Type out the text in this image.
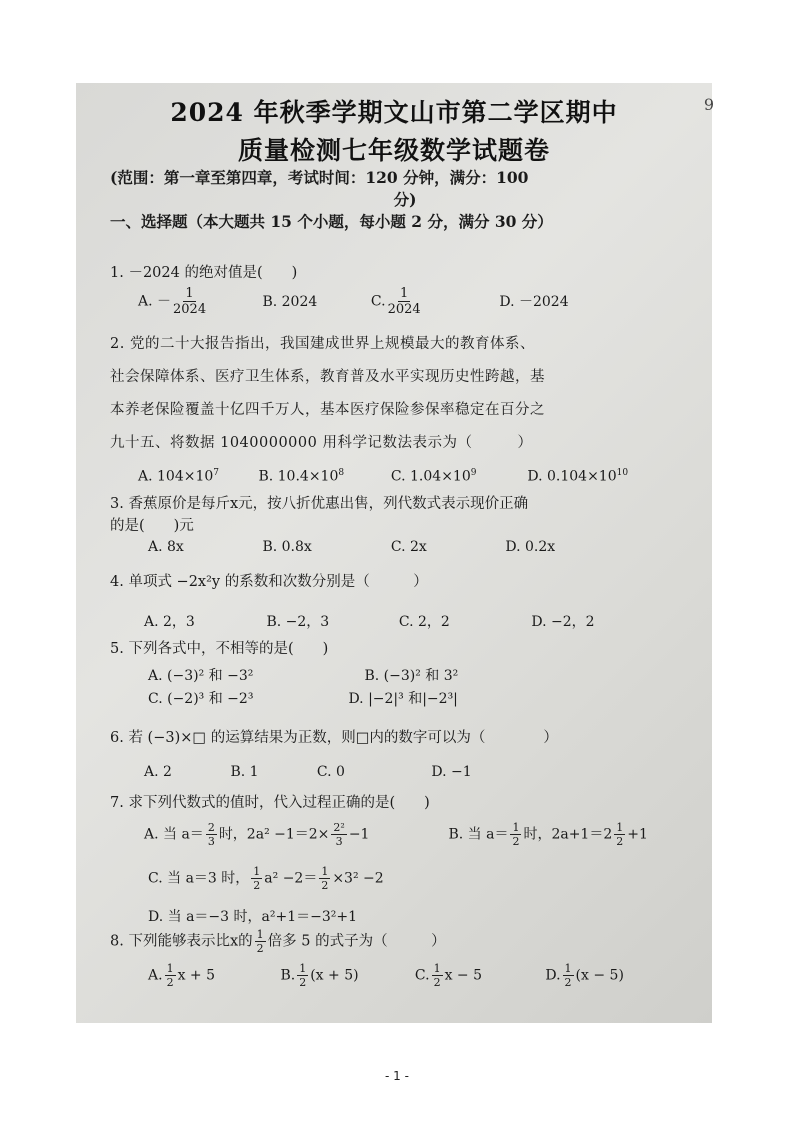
9
2024 年秋季学期文山市第二学区期中
质量检测七年级数学试题卷
(范围：第一章至第四章，考试时间：120 分钟，满分：100
分)
一、选择题（本大题共 15 个小题，每小题 2 分，满分 30 分）
1. －2024 的绝对值是(　　)
A. － $\frac{1}{2024}$	B. 2024	C. $\frac{1}{2024}$	D. －2024
2. 党的二十大报告指出，我国建成世界上规模最大的教育体系、
社会保障体系、医疗卫生体系，教育普及水平实现历史性跨越，基
本养老保险覆盖十亿四千万人，基本医疗保险参保率稳定在百分之
九十五、将数据 1040000000 用科学记数法表示为（　　　）
A. $104\times 10^7$	B. $10.4\times 10^8$	C. $1.04\times 10^9$	D. $0.104\times 10^{10}$
3. 香蕉原价是每斤x元，按八折优惠出售，列代数式表示现价正确
的是(　　)元
A. 8x	B. 0.8x	C. 2x	D. 0.2x
4. 单项式 −2x²y 的系数和次数分别是（　　　）
A. 2，3	B. −2，3	C. 2，2	D. −2，2
5. 下列各式中，不相等的是(　　)
A. (−3)² 和 −3²	B. (−3)² 和 3²
C. (−2)³ 和 −2³	D. |−2|³ 和|−2³|
6. 若 (−3)×□ 的运算结果为正数，则□内的数字可以为（　　　　）
A. 2	B. 1	C. 0	D. −1
7. 求下列代数式的值时，代入过程正确的是(　　)
A. 当 $a= \frac{2}{3}$ 时，$2a^2 -1=2\times \frac{\text{2²}}{3} -1$	B. 当 $a= \frac{1}{2}$ 时，$2a+1=2 \frac{1}{2} +1$
C. 当 a＝3 时， $\frac{1}{2} a^2 -2= \frac{1}{2} \times 3^2 -2$
D. 当 a＝−3 时，a²+1＝−3²+1
8. 下列能够表示比x的 $\frac{1}{2}$ 倍多 5 的式子为（　　　）
A. $\frac{1}{2}$ x + 5	B. $\frac{1}{2} (x + 5)$	C. $\frac{1}{2}$ x − 5	D. $\frac{1}{2} (x - 5)$
- 1 -
